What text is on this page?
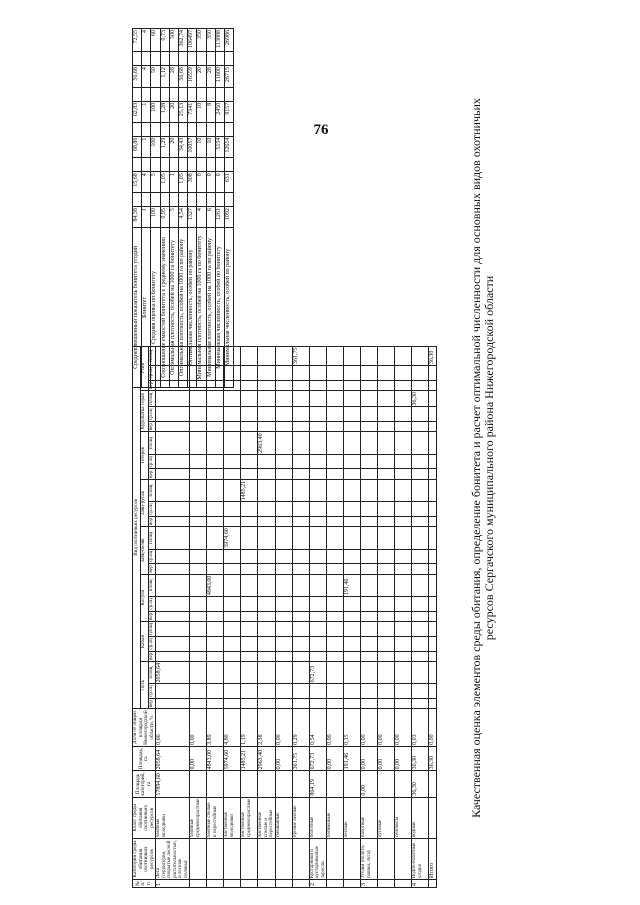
76
№ п/п	Категория среды обитания охотничьих ресурсов	Класс среды обитания охотничьих ресурсов	Площадь категорий, га	Площадь, га	Доля от общей площади Нижегородской области, %	Вид охотничьих ресурсов																							
						Лось			Кабан			Косуля			Заяц-беляк			Заяц-русак			Тетерев			Куропатка серая			Утки		
						вер	ср.оц	площ	вер	ср.оц	площ	вер	ср.оц	площ	вер	ср.оц	площ	вер	ср.оц	площ	вер	ср.оц	площ	вер	ср.оц	площ	вер	ср.оц	площ
1	Леса (территории, покрытые лесной растительностью, и лесные поляны)	хвойные молодняки	17894,60	2058,64	0,66			2058,64																					
		хвойные средневозрастные		0,00	0,00																								
		хвойные спелые и перестойные		4843,00	3,89									4843,00															
		лиственные молодняки		5974,60	4,80												5974,60												
		лиственные средневозрастные		1485,21	1,19															1485,21									
		лиственные спелые и перестойные		2963,40	2,38																		2963,40						
		смешанные		0,00	0,00																								
		прочие лесные		361,75	0,29																								361,75
2	Кустарники и кустарниковые заросли	болотные	864,19	672,73	0,54			672,73																					
		пойменные		0,00	0,00																								
		лесные		191,46	0,15									191,46															
3	Угодья (болота, пашни, луга)	пахотные	0,00	0,00	0,00																								
		луговые		0,00	0,00																								
		сенокосы		0,00	0,00																								
4	Водно-болотные угодья	водные	36,30	36,30	0,03																					36,30			
	Итого			36,30	0,00																								36,30
Средневзвешенный показатель бонитета угодий	84,38		15,68		68,86		62,83		56,68		72,55
Бонитет	1		4		1		1		4		4
Средняя оценка по бонитету	100		5		100		100		50		60
Соотношение емкостей бонитета к среднему значению	0,95		1,05		1,29		1,28		1,12		0,73
Оптимальная плотность, особей на 1000 га бонитету	5		1		20		20		28		500
Оптимальная плотность, особей на 1000 га по району	4,54		1,05		34,43		25,13		56,68		362,74
Оптимальная численность, особей по району	1327		308		10057		7341		16559		106497
Минимальная плотность, особей на 1000 га по бонитету	4		0		10		10		20		350
Минимальная плотность, особей на 1000 га по району	6		0		10		8		28		350
Минимальная численность, особей по бонитету	1261		0		5154		2450		11600		113888
Минимальная численность, особей по району	1092		631		12614		9157		28715		26986
Качественная оценка элементов среды обитания, определение бонитета и расчет оптимальной численности для основных видов охотничьих ресурсов Сергачского муниципального района Нижегородской области
